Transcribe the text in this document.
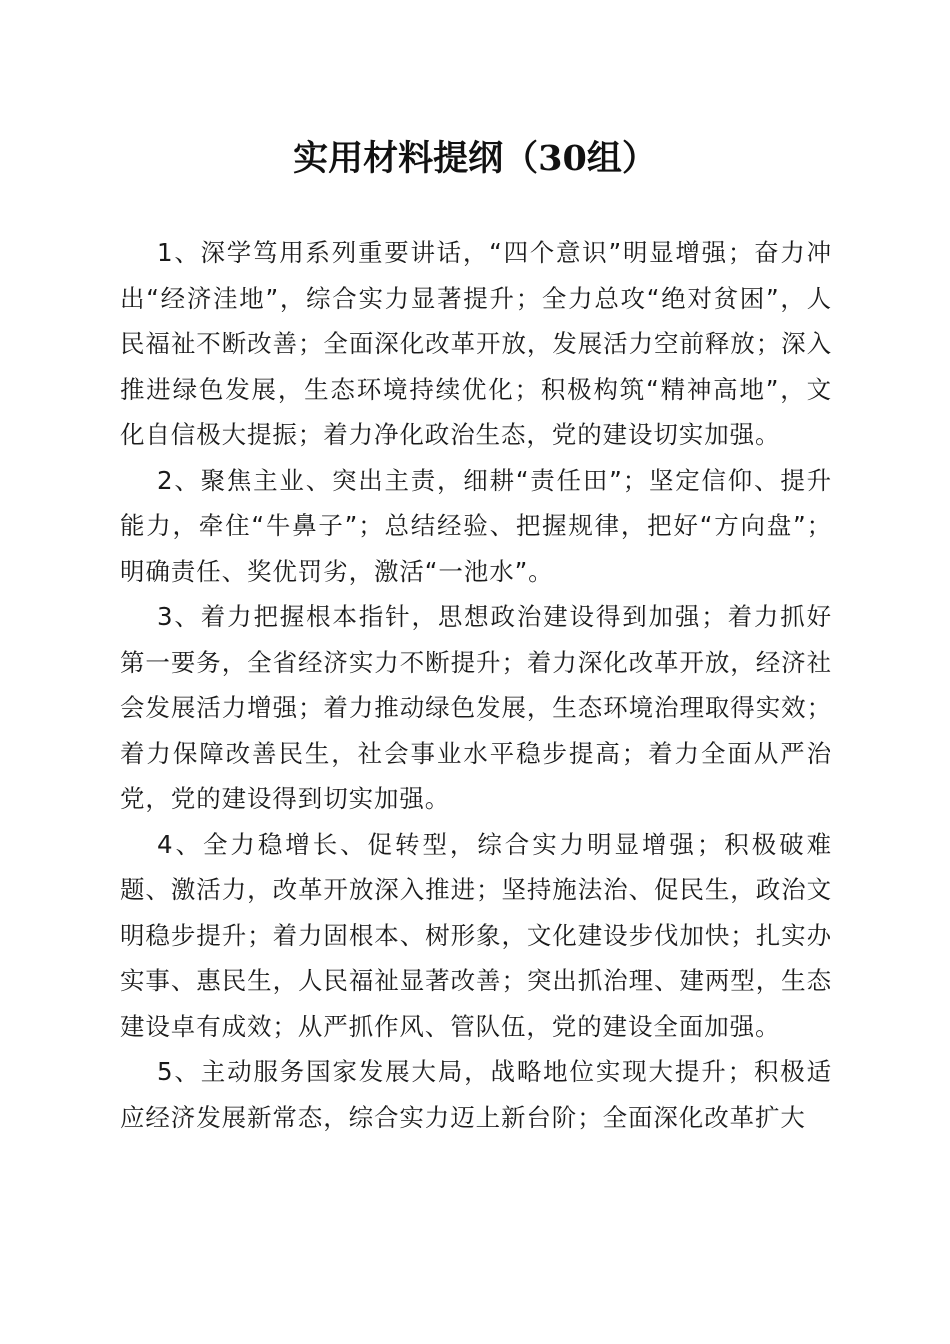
实用材料提纲（30组）

1、深学笃用系列重要讲话，“四个意识”明显增强；奋力冲出“经济洼地”，综合实力显著提升；全力总攻“绝对贫困”，人民福祉不断改善；全面深化改革开放，发展活力空前释放；深入推进绿色发展，生态环境持续优化；积极构筑“精神高地”，文化自信极大提振；着力净化政治生态，党的建设切实加强。

2、聚焦主业、突出主责，细耕“责任田”；坚定信仰、提升能力，牵住“牛鼻子”；总结经验、把握规律，把好“方向盘”；明确责任、奖优罚劣，激活“一池水”。

3、着力把握根本指针，思想政治建设得到加强；着力抓好第一要务，全省经济实力不断提升；着力深化改革开放，经济社会发展活力增强；着力推动绿色发展，生态环境治理取得实效；着力保障改善民生，社会事业水平稳步提高；着力全面从严治党，党的建设得到切实加强。

4、全力稳增长、促转型，综合实力明显增强；积极破难题、激活力，改革开放深入推进；坚持施法治、促民生，政治文明稳步提升；着力固根本、树形象，文化建设步伐加快；扎实办实事、惠民生，人民福祉显著改善；突出抓治理、建两型，生态建设卓有成效；从严抓作风、管队伍，党的建设全面加强。

5、主动服务国家发展大局，战略地位实现大提升；积极适应经济发展新常态，综合实力迈上新台阶；全面深化改革扩大
